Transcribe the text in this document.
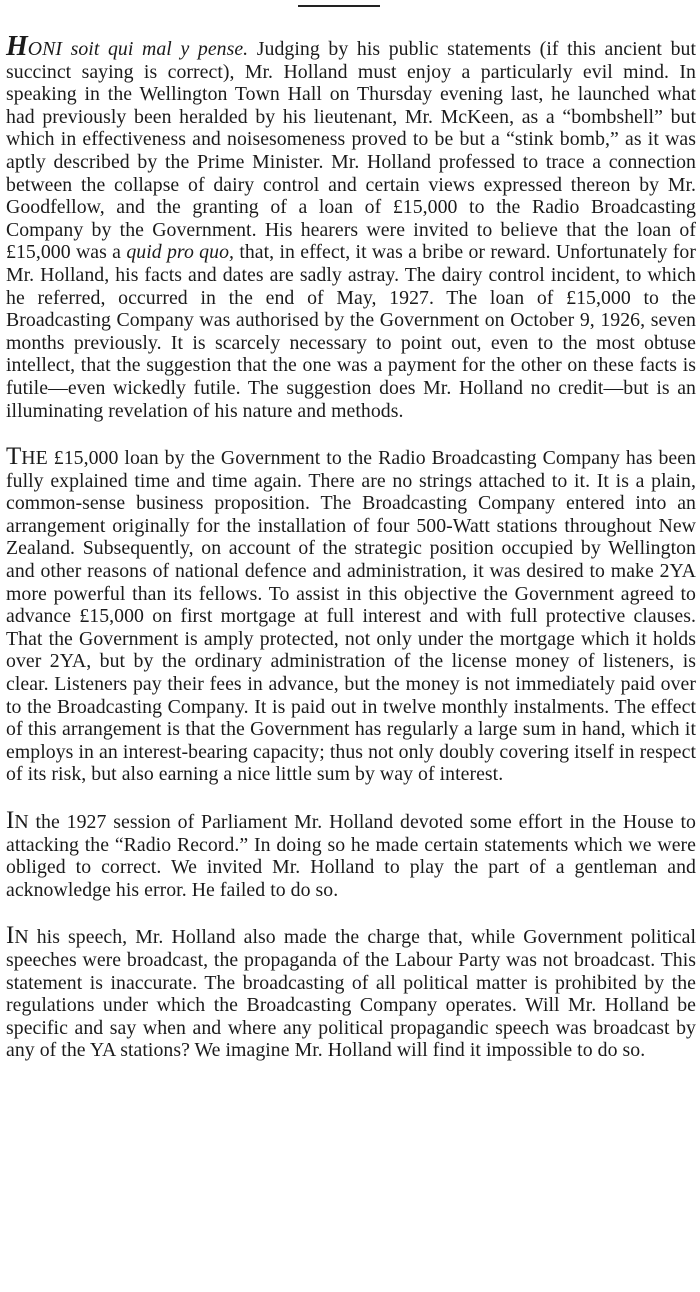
HONI soit qui mal y pense. Judging by his public statements (if this ancient but succinct saying is correct), Mr. Holland must enjoy a particularly evil mind. In speaking in the Wellington Town Hall on Thursday evening last, he launched what had previously been heralded by his lieutenant, Mr. McKeen, as a “bombshell” but which in effectiveness and noisesomeness proved to be but a “stink bomb,” as it was aptly described by the Prime Minister. Mr. Holland professed to trace a connection between the collapse of dairy control and certain views expressed thereon by Mr. Goodfellow, and the granting of a loan of £15,000 to the Radio Broadcasting Company by the Government. His hearers were invited to believe that the loan of £15,000 was a quid pro quo, that, in effect, it was a bribe or reward. Unfortunately for Mr. Holland, his facts and dates are sadly astray. The dairy control incident, to which he referred, occurred in the end of May, 1927. The loan of £15,000 to the Broadcasting Company was authorised by the Government on October 9, 1926, seven months previously. It is scarcely necessary to point out, even to the most obtuse intellect, that the suggestion that the one was a payment for the other on these facts is futile—even wickedly futile. The suggestion does Mr. Holland no credit—but is an illuminating revelation of his nature and methods.

THE £15,000 loan by the Government to the Radio Broadcasting Company has been fully explained time and time again. There are no strings attached to it. It is a plain, common-sense business proposition. The Broadcasting Company entered into an arrangement originally for the installation of four 500-Watt stations throughout New Zealand. Subsequently, on account of the strategic position occupied by Wellington and other reasons of national defence and administration, it was desired to make 2YA more powerful than its fellows. To assist in this objective the Government agreed to advance £15,000 on first mortgage at full interest and with full protective clauses. That the Government is amply protected, not only under the mortgage which it holds over 2YA, but by the ordinary administration of the license money of listeners, is clear. Listeners pay their fees in advance, but the money is not immediately paid over to the Broadcasting Company. It is paid out in twelve monthly instalments. The effect of this arrangement is that the Government has regularly a large sum in hand, which it employs in an interest-bearing capacity; thus not only doubly covering itself in respect of its risk, but also earning a nice little sum by way of interest.

IN the 1927 session of Parliament Mr. Holland devoted some effort in the House to attacking the “Radio Record.” In doing so he made certain statements which we were obliged to correct. We invited Mr. Holland to play the part of a gentleman and acknowledge his error. He failed to do so.

IN his speech, Mr. Holland also made the charge that, while Government political speeches were broadcast, the propaganda of the Labour Party was not broadcast. This statement is inaccurate. The broadcasting of all political matter is prohibited by the regulations under which the Broadcasting Company operates. Will Mr. Holland be specific and say when and where any political propagandic speech was broadcast by any of the YA stations? We imagine Mr. Holland will find it impossible to do so.
